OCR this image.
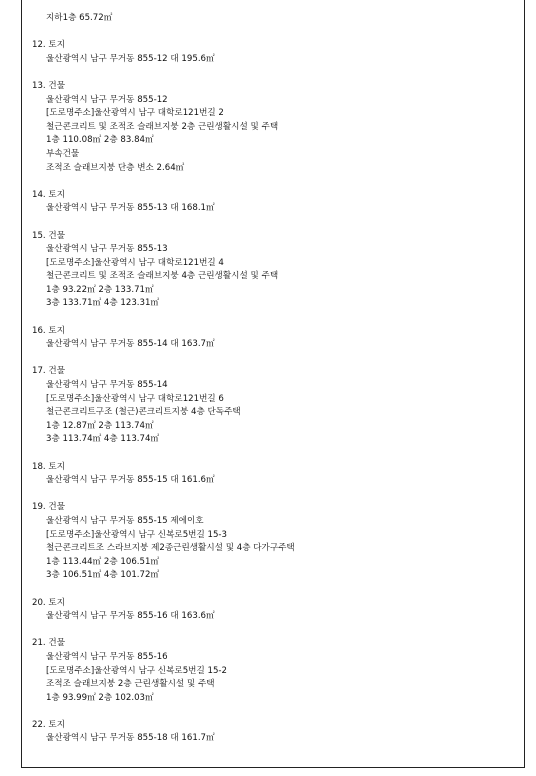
지하1층 65.72㎡
12. 토지
울산광역시 남구 무거동 855-12 대 195.6㎡
13. 건물
울산광역시 남구 무거동 855-12
[도로명주소]울산광역시 남구 대학로121번길 2
철근콘크리트 및 조적조 슬래브지붕 2층 근린생활시설 및 주택
1층 110.08㎡ 2층 83.84㎡
부속건물
조적조 슬래브지붕 단층 변소 2.64㎡
14. 토지
울산광역시 남구 무거동 855-13 대 168.1㎡
15. 건물
울산광역시 남구 무거동 855-13
[도로명주소]울산광역시 남구 대학로121번길 4
철근콘크리트 및 조적조 슬래브지붕 4층 근린생활시설 및 주택
1층 93.22㎡ 2층 133.71㎡
3층 133.71㎡ 4층 123.31㎡
16. 토지
울산광역시 남구 무거동 855-14 대 163.7㎡
17. 건물
울산광역시 남구 무거동 855-14
[도로명주소]울산광역시 남구 대학로121번길 6
철근콘크리트구조 (철근)콘크리트지붕 4층 단독주택
1층 12.87㎡ 2층 113.74㎡
3층 113.74㎡ 4층 113.74㎡
18. 토지
울산광역시 남구 무거동 855-15 대 161.6㎡
19. 건물
울산광역시 남구 무거동 855-15 제에이호
[도로명주소]울산광역시 남구 신복로5번길 15-3
철근콘크리트조 스라브지붕 제2종근린생활시설 및 4층 다가구주택
1층 113.44㎡ 2층 106.51㎡
3층 106.51㎡ 4층 101.72㎡
20. 토지
울산광역시 남구 무거동 855-16 대 163.6㎡
21. 건물
울산광역시 남구 무거동 855-16
[도로명주소]울산광역시 남구 신복로5번길 15-2
조적조 슬래브지붕 2층 근린생활시설 및 주택
1층 93.99㎡ 2층 102.03㎡
22. 토지
울산광역시 남구 무거동 855-18 대 161.7㎡
